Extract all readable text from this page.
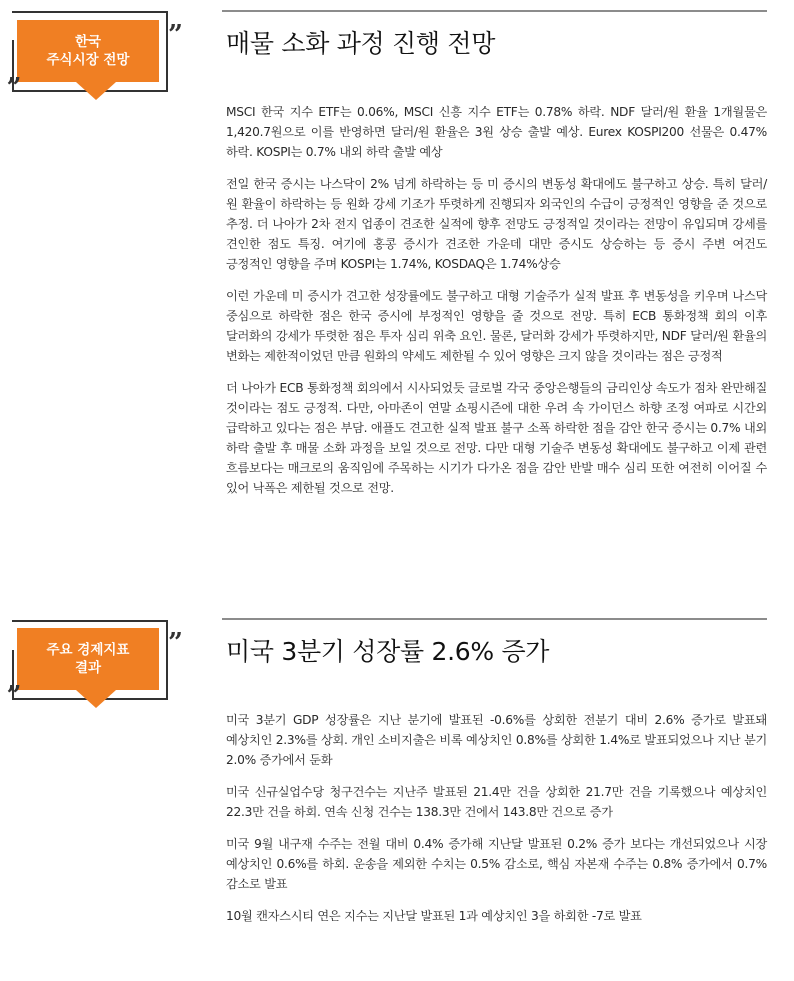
한국
주식시장 전망
„
” 매물 소화 과정 진행 전망

MSCI 한국 지수 ETF는 0.06%, MSCI 신흥 지수 ETF는 0.78% 하락. NDF 달러/원 환율 1개월물은 1,420.7원으로 이를 반영하면 달러/원 환율은 3원 상승 출발 예상. Eurex KOSPI200 선물은 0.47% 하락. KOSPI는 0.7% 내외 하락 출발 예상

전일 한국 증시는 나스닥이 2% 넘게 하락하는 등 미 증시의 변동성 확대에도 불구하고 상승. 특히 달러/원 환율이 하락하는 등 원화 강세 기조가 뚜렷하게 진행되자 외국인의 수급이 긍정적인 영향을 준 것으로 추정. 더 나아가 2차 전지 업종이 견조한 실적에 향후 전망도 긍정적일 것이라는 전망이 유입되며 강세를 견인한 점도 특징. 여기에 홍콩 증시가 견조한 가운데 대만 증시도 상승하는 등 증시 주변 여건도 긍정적인 영향을 주며 KOSPI는 1.74%, KOSDAQ은 1.74%상승

이런 가운데 미 증시가 견고한 성장률에도 불구하고 대형 기술주가 실적 발표 후 변동성을 키우며 나스닥 중심으로 하락한 점은 한국 증시에 부정적인 영향을 줄 것으로 전망. 특히 ECB 통화정책 회의 이후 달러화의 강세가 뚜렷한 점은 투자 심리 위축 요인. 물론, 달러화 강세가 뚜렷하지만, NDF 달러/원 환율의 변화는 제한적이었던 만큼 원화의 약세도 제한될 수 있어 영향은 크지 않을 것이라는 점은 긍정적

더 나아가 ECB 통화정책 회의에서 시사되었듯 글로벌 각국 중앙은행들의 금리인상 속도가 점차 완만해질 것이라는 점도 긍정적. 다만, 아마존이 연말 쇼핑시즌에 대한 우려 속 가이던스 하향 조정 여파로 시간외 급락하고 있다는 점은 부담. 애플도 견고한 실적 발표 불구 소폭 하락한 점을 감안 한국 증시는 0.7% 내외 하락 출발 후 매물 소화 과정을 보일 것으로 전망. 다만 대형 기술주 변동성 확대에도 불구하고 이제 관련 흐름보다는 매크로의 움직임에 주목하는 시기가 다가온 점을 감안 반발 매수 심리 또한 여전히 이어질 수 있어 낙폭은 제한될 것으로 전망.

주요 경제지표
결과
„
” 미국 3분기 성장률 2.6% 증가

미국 3분기 GDP 성장률은 지난 분기에 발표된 -0.6%를 상회한 전분기 대비 2.6% 증가로 발표돼 예상치인 2.3%를 상회. 개인 소비지출은 비록 예상치인 0.8%를 상회한 1.4%로 발표되었으나 지난 분기 2.0% 증가에서 둔화

미국 신규실업수당 청구건수는 지난주 발표된 21.4만 건을 상회한 21.7만 건을 기록했으나 예상치인 22.3만 건을 하회. 연속 신청 건수는 138.3만 건에서 143.8만 건으로 증가

미국 9월 내구재 수주는 전월 대비 0.4% 증가해 지난달 발표된 0.2% 증가 보다는 개선되었으나 시장 예상치인 0.6%를 하회. 운송을 제외한 수치는 0.5% 감소로, 핵심 자본재 수주는 0.8% 증가에서 0.7% 감소로 발표

10월 캔자스시티 연은 지수는 지난달 발표된 1과 예상치인 3을 하회한 -7로 발표
